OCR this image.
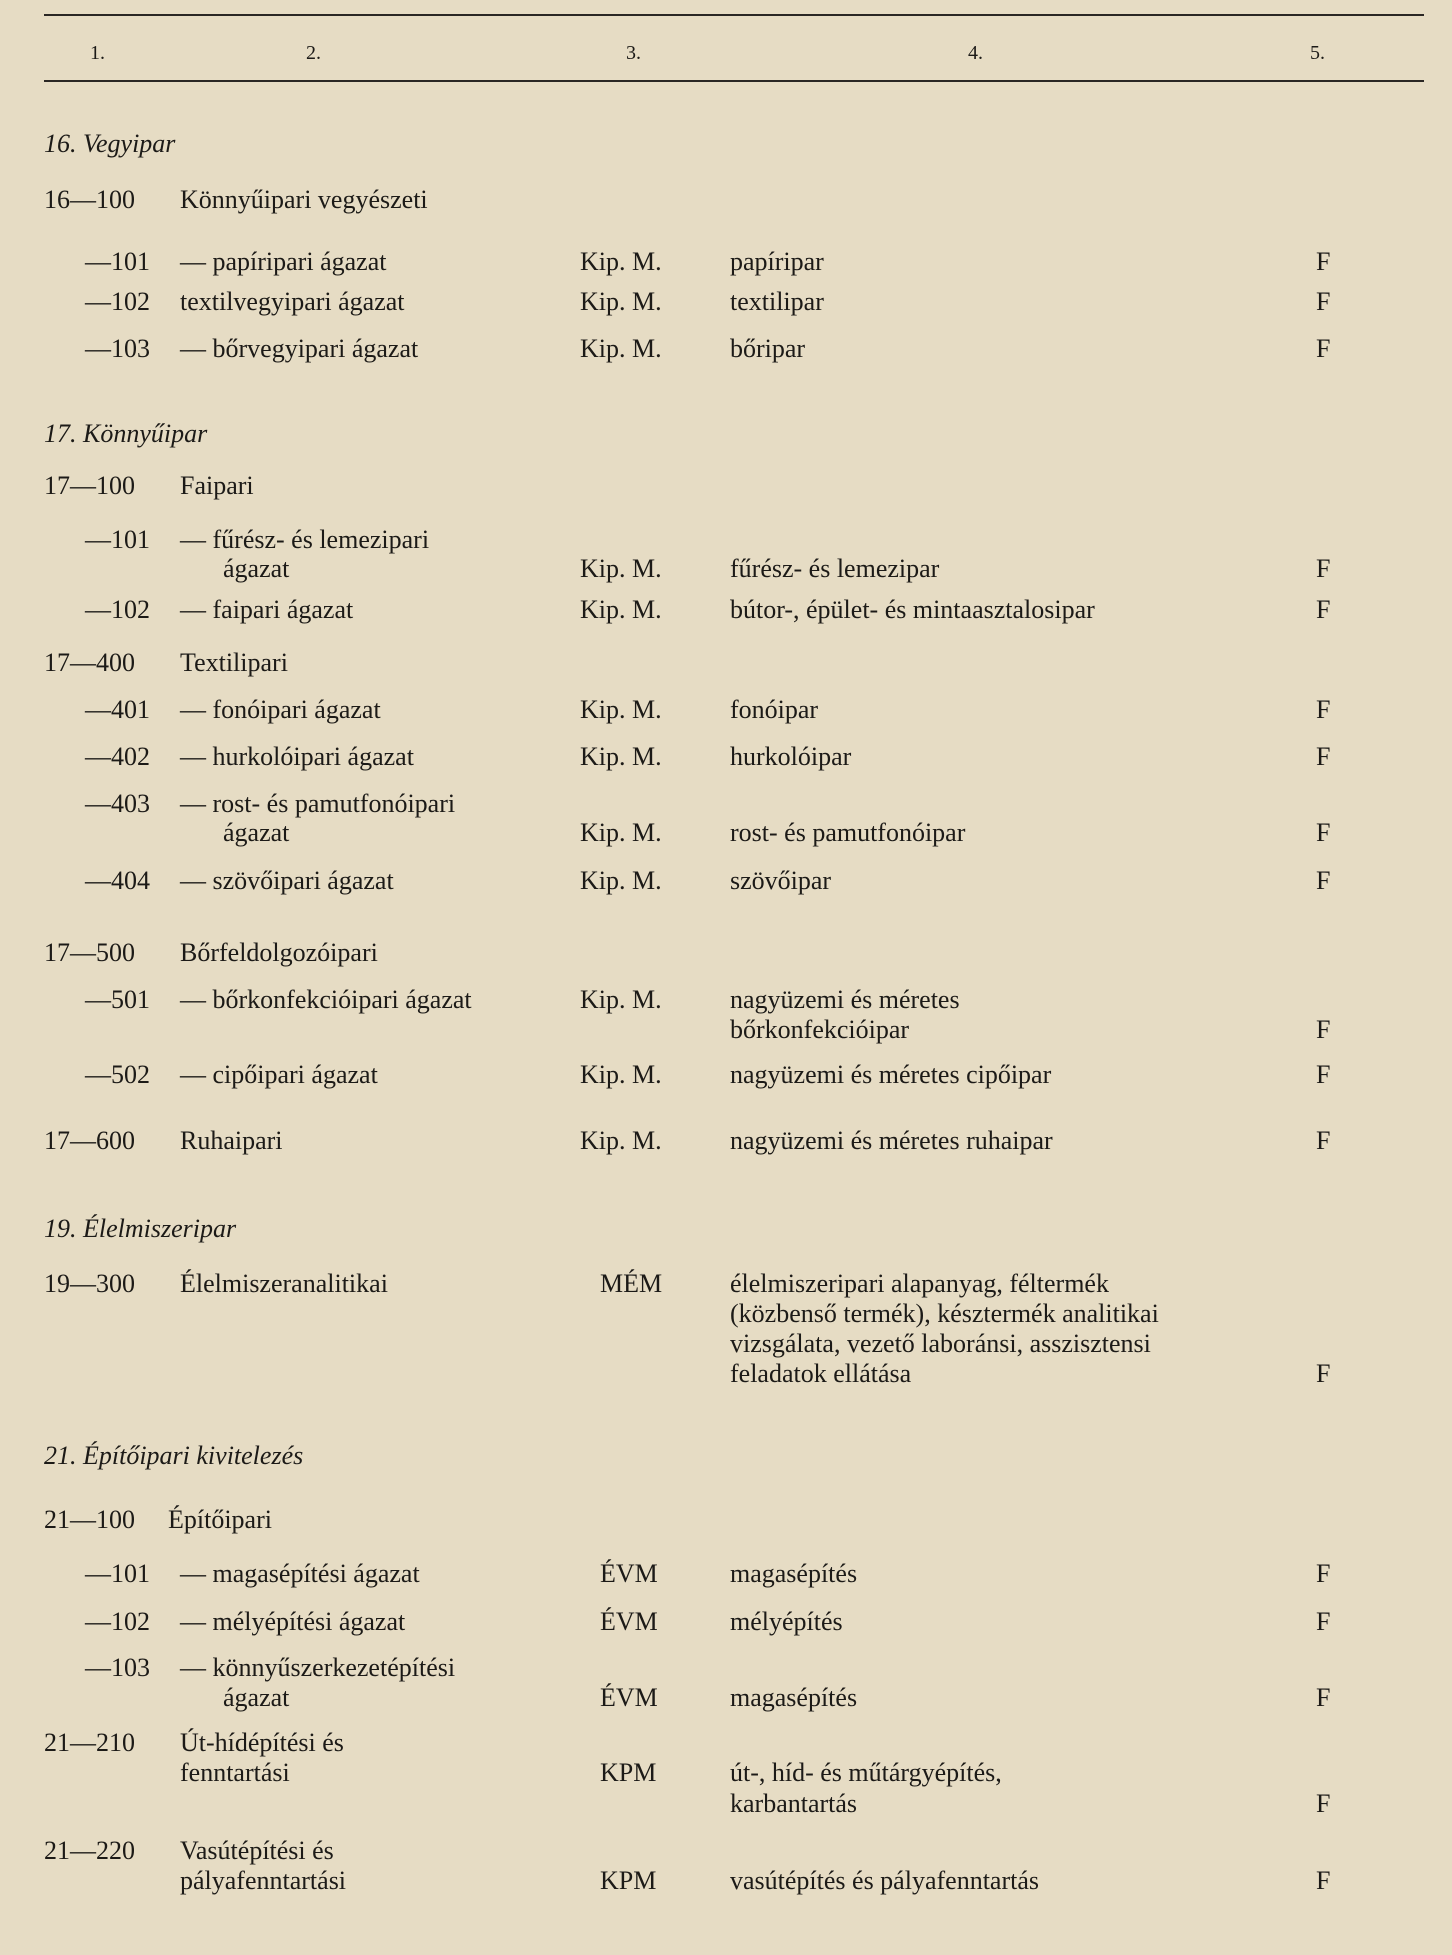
1.	2.	3.	4.	5.
16. Vegyipar
16—100	Könnyűipari vegyészeti
—101 — papíripari ágazat	Kip. M.	papíripar	F
—102 textilvegyipari ágazat	Kip. M.	textilipar	F
—103 — bőrvegyipari ágazat	Kip. M.	bőripar	F
17. Könnyűipar
17—100 Faipari
—101 — fűrész- és lemezipari
ágazat	Kip. M.	fűrész- és lemezipar	F
—102 — faipari ágazat	Kip. M.	bútor-, épület- és mintaasztalosipar	F
17—400 Textilipari
—401 — fonóipari ágazat	Kip. M.	fonóipar	F
—402 — hurkolóipari ágazat	Kip. M.	hurkolóipar	F
—403 — rost- és pamutfonóipari
ágazat	Kip. M.	rost- és pamutfonóipar	F
—404 — szövőipari ágazat	Kip. M.	szövőipar	F
17—500 Bőrfeldolgozóipari
—501 — bőrkonfekcióipari ágazat	Kip. M.	nagyüzemi és méretes
bőrkonfekcióipar	F
—502 — cipőipari ágazat	Kip. M.	nagyüzemi és méretes cipőipar	F
17—600 Ruhaipari	Kip. M.	nagyüzemi és méretes ruhaipar	F
19. Élelmiszeripar
19—300 Élelmiszeranalitikai	MÉM	élelmiszeripari alapanyag, féltermék
(közbenső termék), késztermék analitikai
vizsgálata, vezető laboránsi, asszisztensi
feladatok ellátása	F
21. Építőipari kivitelezés
21—100 Építőipari
—101 — magasépítési ágazat	ÉVM	magasépítés	F
—102 — mélyépítési ágazat	ÉVM	mélyépítés	F
—103 — könnyűszerkezetépítési
ágazat	ÉVM	magasépítés	F
21—210 Út-hídépítési és
fenntartási	KPM	út-, híd- és műtárgyépítés,
karbantartás	F
21—220 Vasútépítési és
pályafenntartási	KPM	vasútépítés és pályafenntartás	F
